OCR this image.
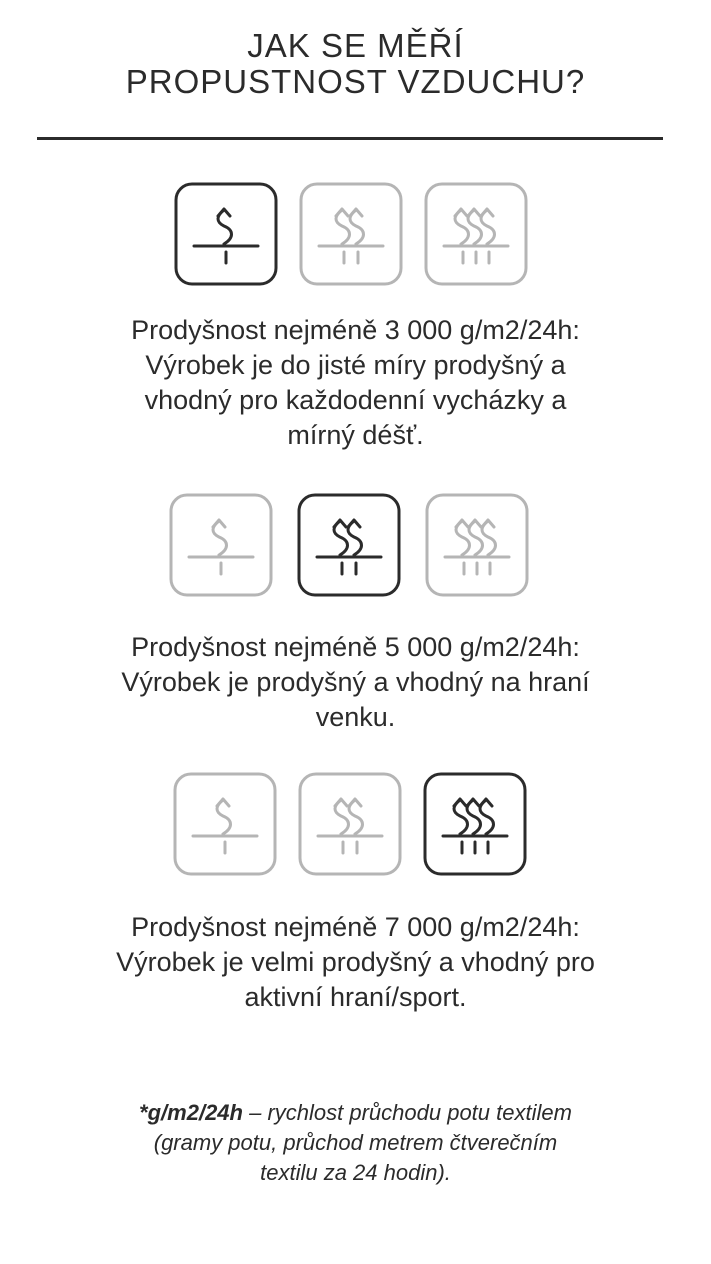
JAK SE MĚŘÍ
PROPUSTNOST VZDUCHU?
Prodyšnost nejméně 3 000 g/m2/24h:
Výrobek je do jisté míry prodyšný a
vhodný pro každodenní vycházky a
mírný déšť.
Prodyšnost nejméně 5 000 g/m2/24h:
Výrobek je prodyšný a vhodný na hraní
venku.
Prodyšnost nejméně 7 000 g/m2/24h:
Výrobek je velmi prodyšný a vhodný pro
aktivní hraní/sport.
*g/m2/24h – rychlost průchodu potu textilem
(gramy potu, průchod metrem čtverečním
textilu za 24 hodin).
